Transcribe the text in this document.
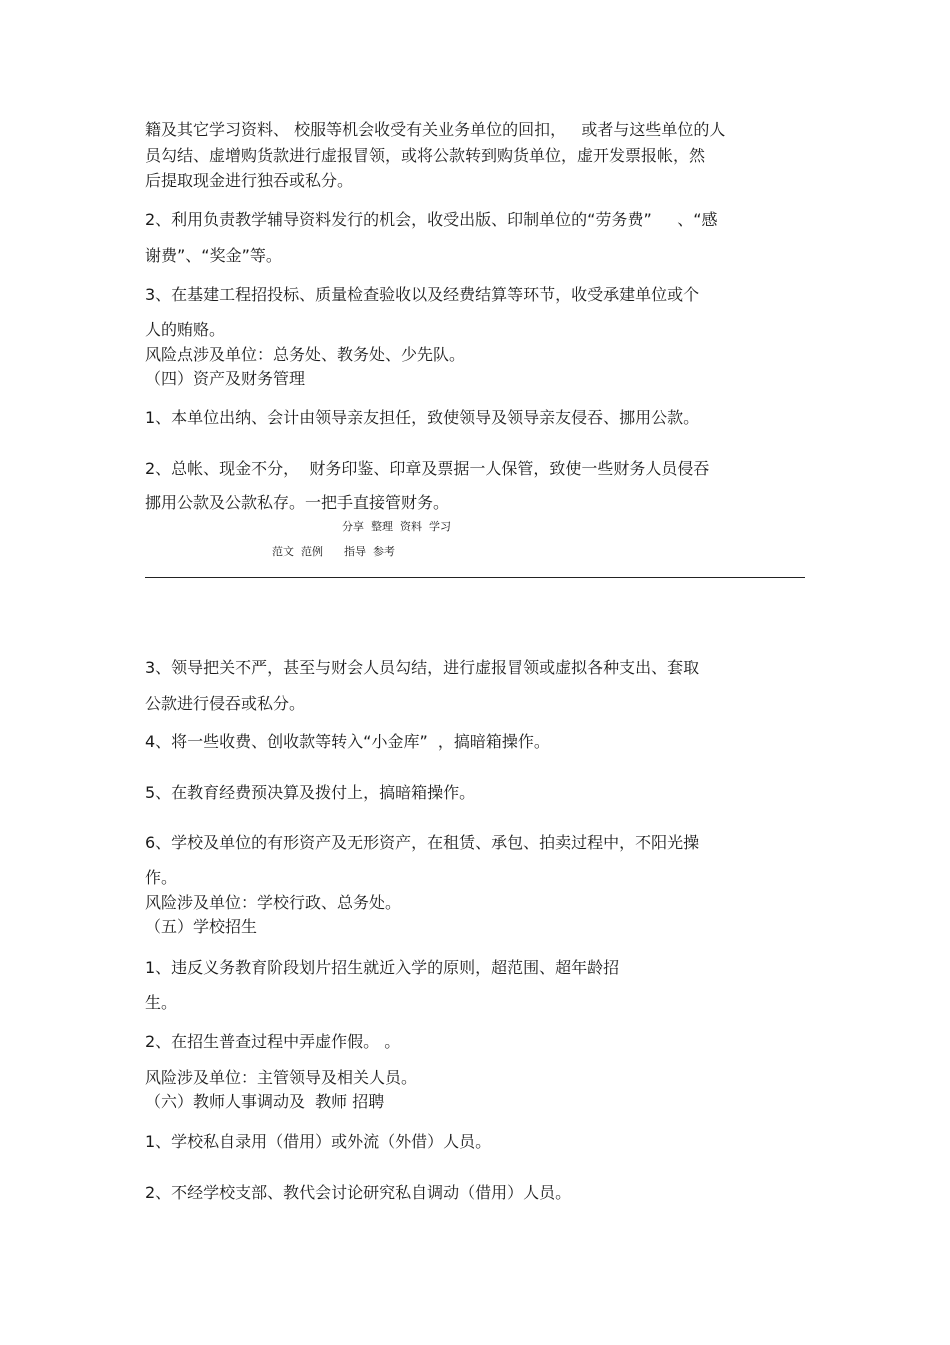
籍及其它学习资料、 校服等机会收受有关业务单位的回扣，   或者与这些单位的人
员勾结、虚增购货款进行虚报冒领，或将公款转到购货单位，虚开发票报帐，然
后提取现金进行独吞或私分。
2、利用负责教学辅导资料发行的机会，收受出版、印制单位的“劳务费”     、“感
谢费”、“奖金”等。
3、在基建工程招投标、质量检查验收以及经费结算等环节，收受承建单位或个
人的贿赂。
风险点涉及单位：总务处、教务处、少先队。
（四）资产及财务管理
1、本单位出纳、会计由领导亲友担任，致使领导及领导亲友侵吞、挪用公款。
2、总帐、现金不分，  财务印鉴、印章及票据一人保管，致使一些财务人员侵吞
挪用公款及公款私存。一把手直接管财务。
分享  整理  资料  学习
范文  范例      指导  参考
3、领导把关不严，甚至与财会人员勾结，进行虚报冒领或虚拟各种支出、套取
公款进行侵吞或私分。
4、将一些收费、创收款等转入“小金库”  ，搞暗箱操作。
5、在教育经费预决算及拨付上，搞暗箱操作。
6、学校及单位的有形资产及无形资产，在租赁、承包、拍卖过程中，不阳光操
作。
风险涉及单位：学校行政、总务处。
（五）学校招生
1、违反义务教育阶段划片招生就近入学的原则，超范围、超年龄招
生。
2、在招生普查过程中弄虚作假。 。
风险涉及单位：主管领导及相关人员。
（六）教师人事调动及  教师 招聘
1、学校私自录用（借用）或外流（外借）人员。
2、不经学校支部、教代会讨论研究私自调动（借用）人员。
